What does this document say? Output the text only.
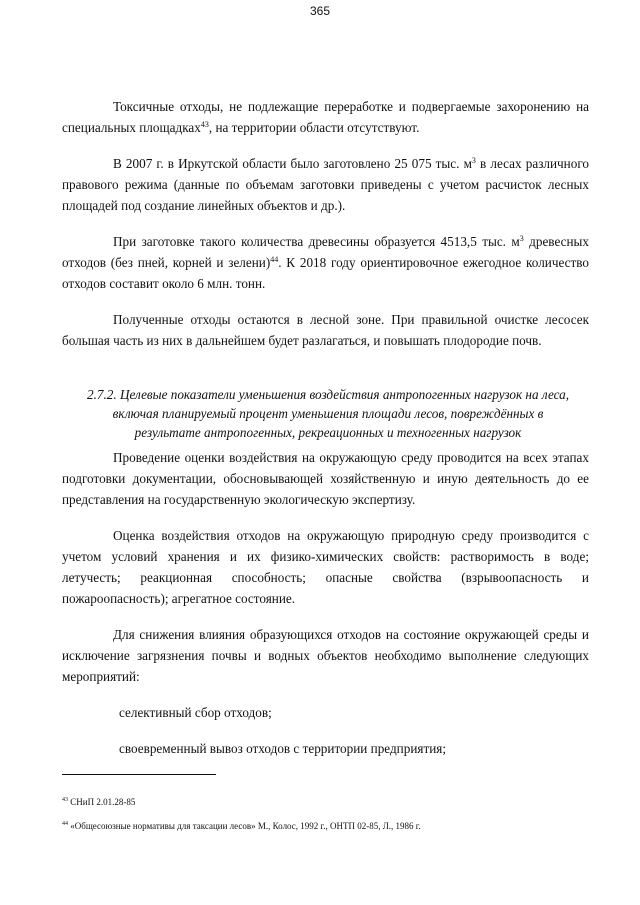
365

Токсичные отходы, не подлежащие переработке и подвергаемые захоронению на специальных площадках$^{43}$, на территории области отсутствуют.

В 2007 г. в Иркутской области было заготовлено 25 075 тыс. $м^3$ в лесах различного правового режима (данные по объемам заготовки приведены с учетом расчисток лесных площадей под создание линейных объектов и др.).

При заготовке такого количества древесины образуется 4513,5 тыс. $м^3$ древесных отходов (без пней, корней и зелени)$^{44}$. К 2018 году ориентировочное ежегодное количество отходов составит около 6 млн. тонн.

Полученные отходы остаются в лесной зоне. При правильной очистке лесосек большая часть из них в дальнейшем будет разлагаться, и повышать плодородие почв.

2.7.2. Целевые показатели уменьшения воздействия антропогенных нагрузок на леса,
включая планируемый процент уменьшения площади лесов, повреждённых в
результате антропогенных, рекреационных и техногенных нагрузок

Проведение оценки воздействия на окружающую среду проводится на всех этапах подготовки документации, обосновывающей хозяйственную и иную деятельность до ее представления на государственную экологическую экспертизу.

Оценка воздействия отходов на окружающую природную среду производится с учетом условий хранения и их физико-химических свойств: растворимость в воде; летучесть; реакционная способность; опасные свойства (взрывоопасность и пожароопасность); агрегатное состояние.

Для снижения влияния образующихся отходов на состояние окружающей среды и исключение загрязнения почвы и водных объектов необходимо выполнение следующих мероприятий:

селективный сбор отходов;

своевременный вывоз отходов с территории предприятия;

$^{43}$ СНиП 2.01.28-85
$^{44}$ «Общесоюзные нормативы для таксации лесов» М., Колос, 1992 г., ОНТП 02-85, Л., 1986 г.
